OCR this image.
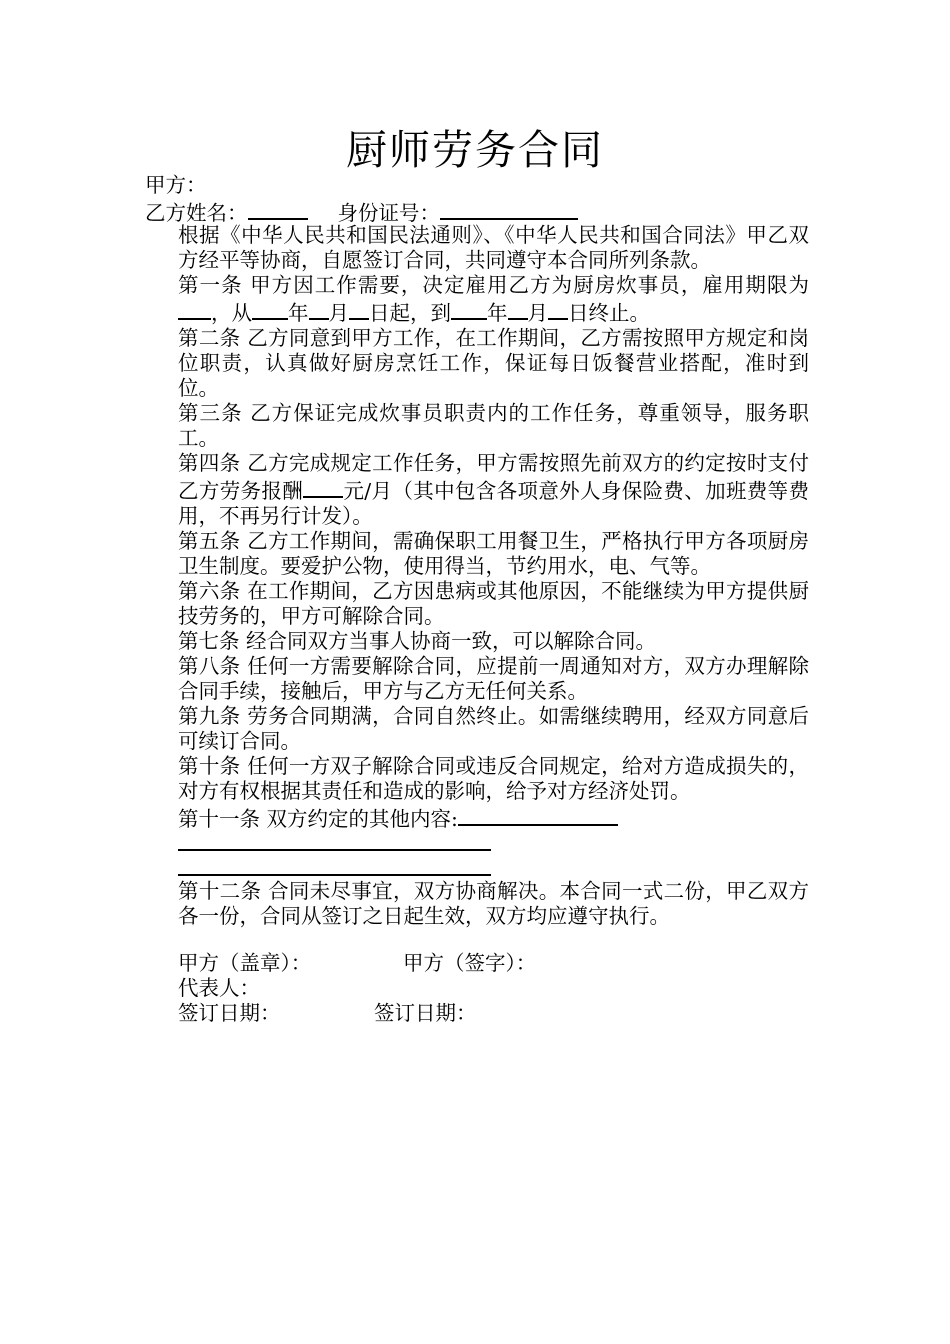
厨师劳务合同
甲方：
乙方姓名：	身份证号：
根据《中华人民共和国民法通则》、《中华人民共和国合同法》甲乙双方经平等协商，自愿签订合同，共同遵守本合同所列条款。
第一条 甲方因工作需要，决定雇用乙方为厨房炊事员，雇用期限为，从 年 月 日起，到 年 月 日终止。
第二条 乙方同意到甲方工作，在工作期间，乙方需按照甲方规定和岗位职责，认真做好厨房烹饪工作，保证每日饭餐营业搭配，准时到位。
第三条 乙方保证完成炊事员职责内的工作任务，尊重领导，服务职工。
第四条 乙方完成规定工作任务，甲方需按照先前双方的约定按时支付乙方劳务报酬 元/月（其中包含各项意外人身保险费、加班费等费用，不再另行计发）。
第五条 乙方工作期间，需确保职工用餐卫生，严格执行甲方各项厨房卫生制度。要爱护公物，使用得当，节约用水，电、气等。
第六条 在工作期间，乙方因患病或其他原因，不能继续为甲方提供厨技劳务的，甲方可解除合同。
第七条 经合同双方当事人协商一致，可以解除合同。
第八条 任何一方需要解除合同，应提前一周通知对方，双方办理解除合同手续，接触后，甲方与乙方无任何关系。
第九条 劳务合同期满，合同自然终止。如需继续聘用，经双方同意后可续订合同。
第十条 任何一方双子解除合同或违反合同规定，给对方造成损失的，对方有权根据其责任和造成的影响，给予对方经济处罚。
第十一条 双方约定的其他内容:
第十二条 合同未尽事宜，双方协商解决。本合同一式二份，甲乙双方各一份，合同从签订之日起生效，双方均应遵守执行。
甲方（盖章）：	甲方（签字）：
代表人：
签订日期：	签订日期：
